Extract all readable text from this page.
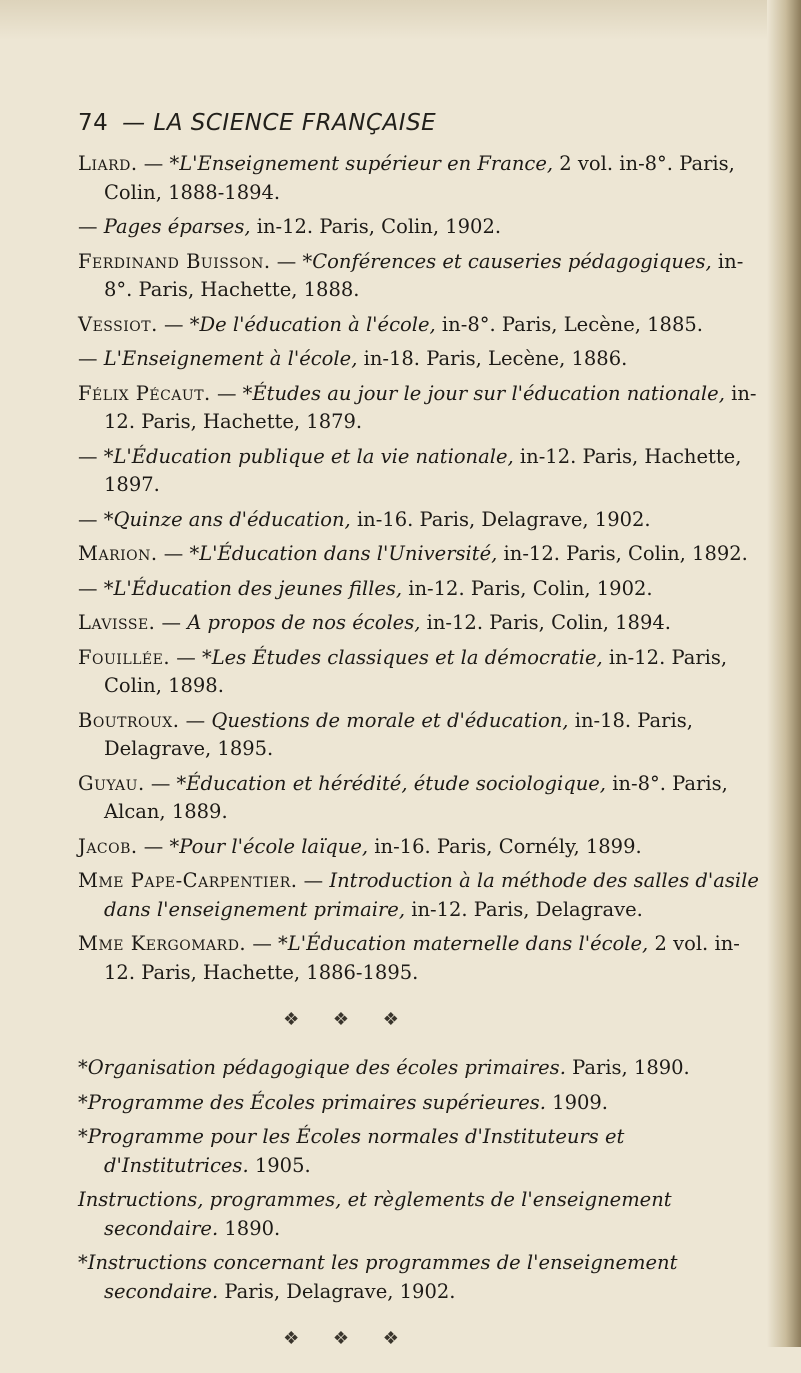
74 — LA SCIENCE FRANÇAISE

Liard. — *L'Enseignement supérieur en France, 2 vol. in-8°. Paris, Colin, 1888-1894.

— Pages éparses, in-12. Paris, Colin, 1902.

Ferdinand Buisson. — *Conférences et causeries pédagogiques, in-8°. Paris, Hachette, 1888.

Vessiot. — *De l'éducation à l'école, in-8°. Paris, Lecène, 1885.

— L'Enseignement à l'école, in-18. Paris, Lecène, 1886.

Félix Pécaut. — *Études au jour le jour sur l'éducation nationale, in-12. Paris, Hachette, 1879.

— *L'Éducation publique et la vie nationale, in-12. Paris, Hachette, 1897.

— *Quinze ans d'éducation, in-16. Paris, Delagrave, 1902.

Marion. — *L'Éducation dans l'Université, in-12. Paris, Colin, 1892.

— *L'Éducation des jeunes filles, in-12. Paris, Colin, 1902.

Lavisse. — A propos de nos écoles, in-12. Paris, Colin, 1894.

Fouillée. — *Les Études classiques et la démocratie, in-12. Paris, Colin, 1898.

Boutroux. — Questions de morale et d'éducation, in-18. Paris, Delagrave, 1895.

Guyau. — *Éducation et hérédité, étude sociologique, in-8°. Paris, Alcan, 1889.

Jacob. — *Pour l'école laïque, in-16. Paris, Cornély, 1899.

Mme Pape-Carpentier. — Introduction à la méthode des salles d'asile dans l'enseignement primaire, in-12. Paris, Delagrave.

Mme Kergomard. — *L'Éducation maternelle dans l'école, 2 vol. in-12. Paris, Hachette, 1886-1895.

❖ ❖ ❖

*Organisation pédagogique des écoles primaires. Paris, 1890.

*Programme des Écoles primaires supérieures. 1909.

*Programme pour les Écoles normales d'Instituteurs et d'Institutrices. 1905.

Instructions, programmes, et règlements de l'enseignement secondaire. 1890.

*Instructions concernant les programmes de l'enseignement secondaire. Paris, Delagrave, 1902.

❖ ❖ ❖
